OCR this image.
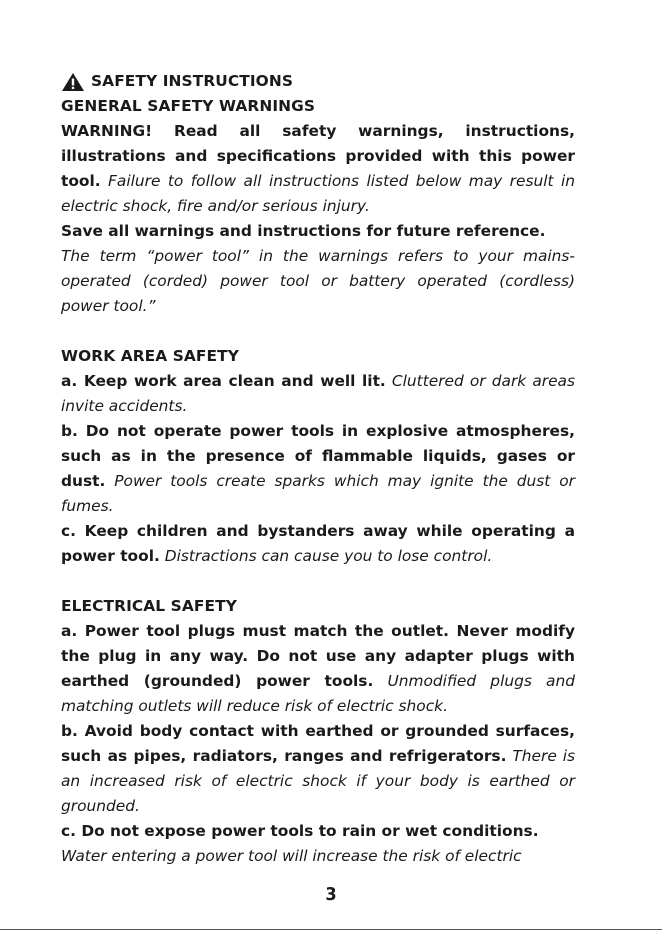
SAFETY INSTRUCTIONS
GENERAL SAFETY WARNINGS

WARNING! Read all safety warnings, instructions, illustrations and specifications provided with this power tool. Failure to follow all instructions listed below may result in electric shock, fire and/or serious injury.

Save all warnings and instructions for future reference.

The term “power tool” in the warnings refers to your mains-operated (corded) power tool or battery operated (cordless) power tool.”

WORK AREA SAFETY

a. Keep work area clean and well lit. Cluttered or dark areas invite accidents.

b. Do not operate power tools in explosive atmospheres, such as in the presence of flammable liquids, gases or dust. Power tools create sparks which may ignite the dust or fumes.

c. Keep children and bystanders away while operating a power tool. Distractions can cause you to lose control.

ELECTRICAL SAFETY

a. Power tool plugs must match the outlet. Never modify the plug in any way. Do not use any adapter plugs with earthed (grounded) power tools. Unmodified plugs and matching outlets will reduce risk of electric shock.

b. Avoid body contact with earthed or grounded surfaces, such as pipes, radiators, ranges and refrigerators. There is an increased risk of electric shock if your body is earthed or grounded.

c. Do not expose power tools to rain or wet conditions.
Water entering a power tool will increase the risk of electric

3
